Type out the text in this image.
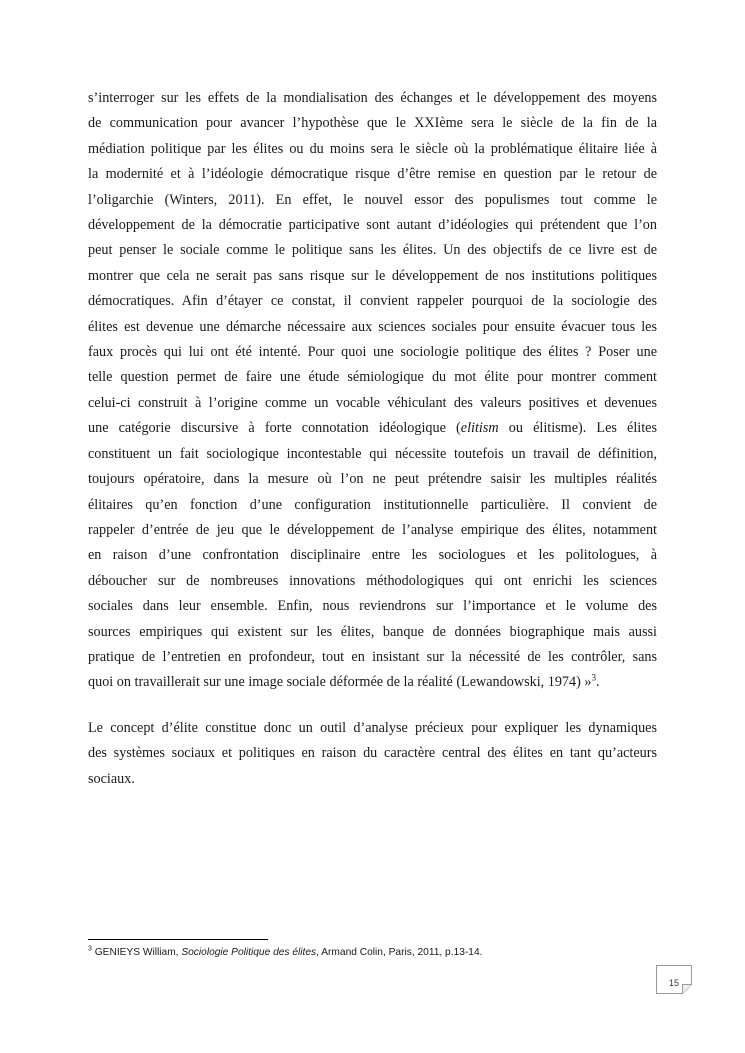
s’interroger sur les effets de la mondialisation des échanges et le développement des moyens
de communication pour avancer l’hypothèse que le XXIème sera le siècle de la fin de la
médiation politique par les élites ou du moins sera le siècle où la problématique élitaire liée à
la modernité et à l’idéologie démocratique risque d’être remise en question par le retour de
l’oligarchie (Winters, 2011). En effet, le nouvel essor des populismes tout comme le
développement de la démocratie participative sont autant d’idéologies qui prétendent que l’on
peut penser le sociale comme le politique sans les élites. Un des objectifs de ce livre est de
montrer que cela ne serait pas sans risque sur le développement de nos institutions politiques
démocratiques. Afin d’étayer ce constat, il convient rappeler pourquoi de la sociologie des
élites est devenue une démarche nécessaire aux sciences sociales pour ensuite évacuer tous les
faux procès qui lui ont été intenté. Pour quoi une sociologie politique des élites ? Poser une
telle question permet de faire une étude sémiologique du mot élite pour montrer comment
celui-ci construit à l’origine comme un vocable véhiculant des valeurs positives et devenues
une catégorie discursive à forte connotation idéologique (elitism ou élitisme). Les élites
constituent un fait sociologique incontestable qui nécessite toutefois un travail de définition,
toujours opératoire, dans la mesure où l’on ne peut prétendre saisir les multiples réalités
élitaires qu’en fonction d’une configuration institutionnelle particulière. Il convient de
rappeler d’entrée de jeu que le développement de l’analyse empirique des élites, notamment
en raison d’une confrontation disciplinaire entre les sociologues et les politologues, à
déboucher sur de nombreuses innovations méthodologiques qui ont enrichi les sciences
sociales dans leur ensemble. Enfin, nous reviendrons sur l’importance et le volume des
sources empiriques qui existent sur les élites, banque de données biographique mais aussi
pratique de l’entretien en profondeur, tout en insistant sur la nécessité de les contrôler, sans
quoi on travaillerait sur une image sociale déformée de la réalité (Lewandowski, 1974) »$^3$.
Le concept d’élite constitue donc un outil d’analyse précieux pour expliquer les dynamiques
des systèmes sociaux et politiques en raison du caractère central des élites en tant qu’acteurs
sociaux.
$^3$ GENIEYS William, Sociologie Politique des élites, Armand Colin, Paris, 2011, p.13-14.
15
